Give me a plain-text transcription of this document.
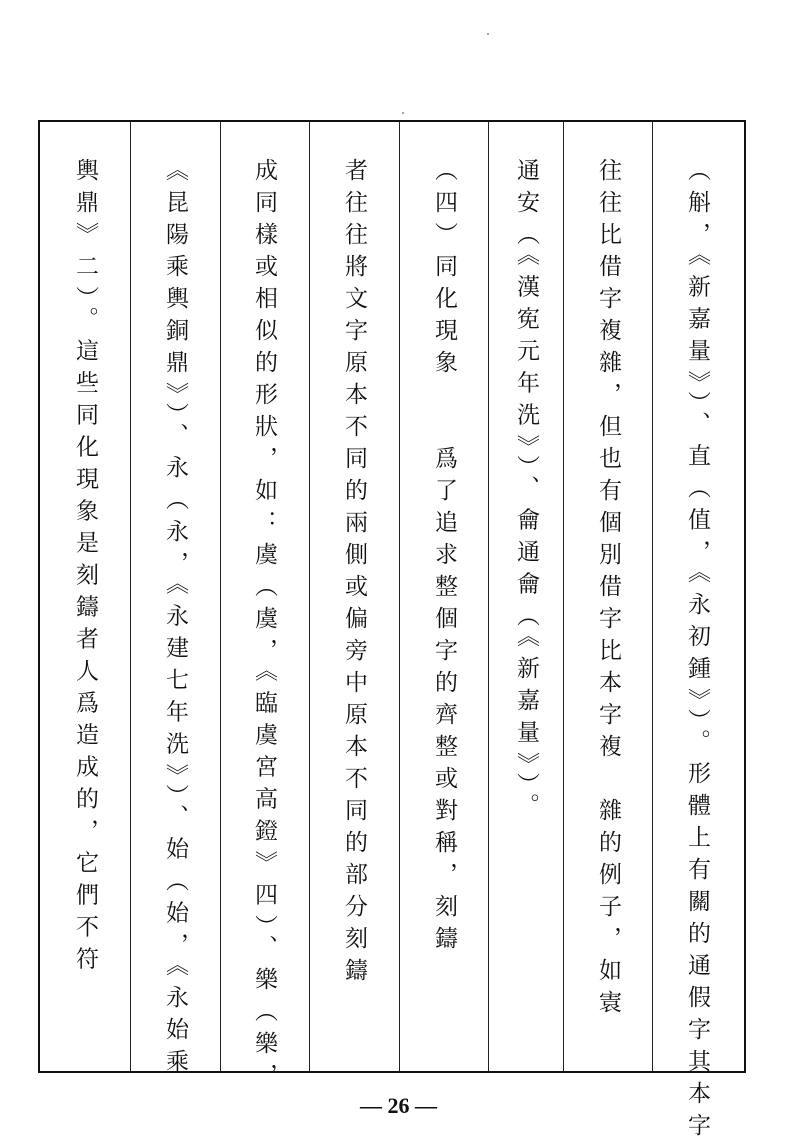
（斛，《新嘉量》）、直（值，《永初鍾》）。形體上有關的通假字其本字
往往比借字複雜，但也有個別借字比本字複　雜的例子，如㝨
通安（《漢𡨚元年洗》）、龠通龠（《新嘉量》）。
（四）同化現象　　爲了追求整個字的齊整或對稱，刻鑄
者往往將文字原本不同的兩側或偏旁中原本不同的部分刻鑄
成同樣或相似的形狀，如：虞（虞，《臨虞宮高鐙》四）、樂（樂，
《昆陽乘輿銅鼎》）、永（永，《永建七年洗》）、始（始，《永始乘
輿鼎》二）。這些同化現象是刻鑄者人爲造成的，它們不符
— 26 —
